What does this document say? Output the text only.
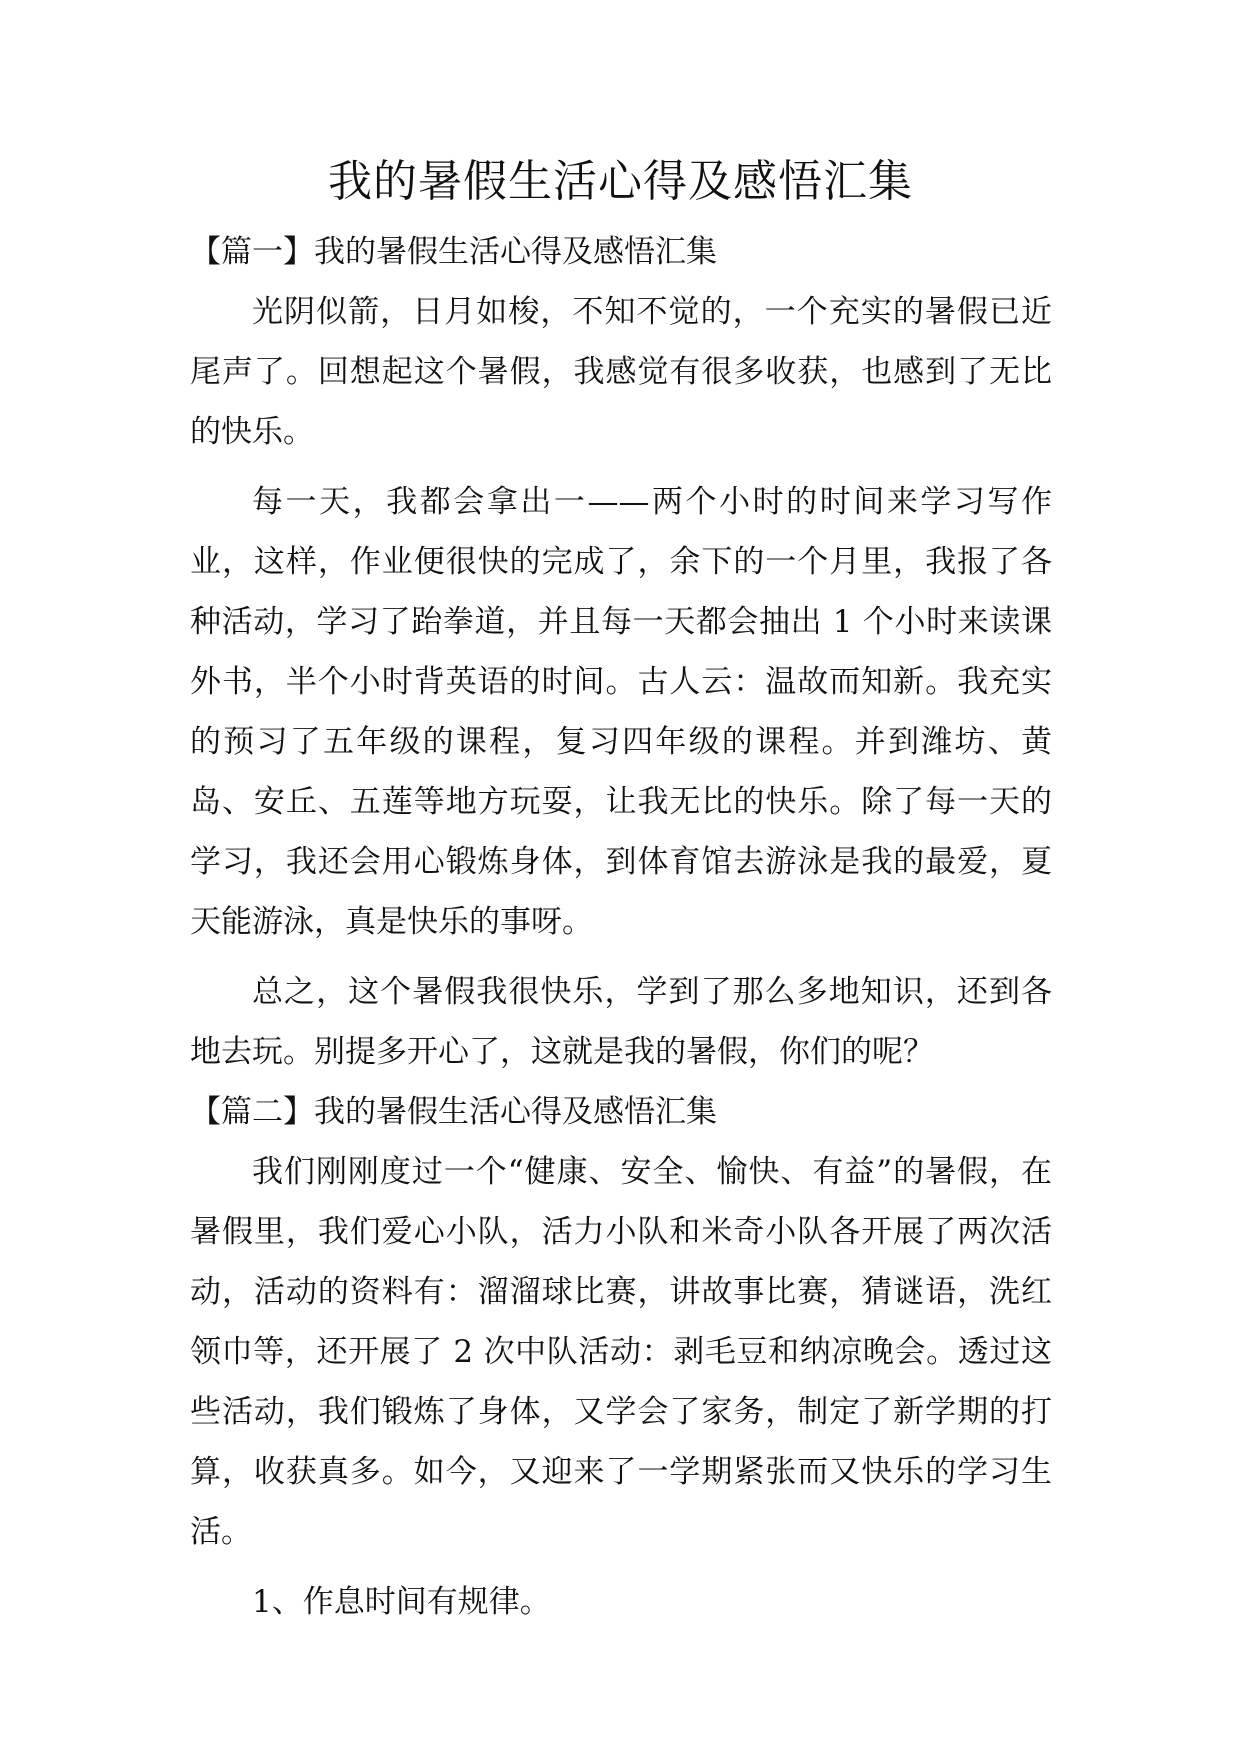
我的暑假生活心得及感悟汇集

【篇一】我的暑假生活心得及感悟汇集

光阴似箭，日月如梭，不知不觉的，一个充实的暑假已近尾声了。回想起这个暑假，我感觉有很多收获，也感到了无比的快乐。

每一天，我都会拿出一——两个小时的时间来学习写作业，这样，作业便很快的完成了，余下的一个月里，我报了各种活动，学习了跆拳道，并且每一天都会抽出 1 个小时来读课外书，半个小时背英语的时间。古人云：温故而知新。我充实的预习了五年级的课程，复习四年级的课程。并到潍坊、黄岛、安丘、五莲等地方玩耍，让我无比的快乐。除了每一天的学习，我还会用心锻炼身体，到体育馆去游泳是我的最爱，夏天能游泳，真是快乐的事呀。

总之，这个暑假我很快乐，学到了那么多地知识，还到各地去玩。别提多开心了，这就是我的暑假，你们的呢？

【篇二】我的暑假生活心得及感悟汇集

我们刚刚度过一个“健康、安全、愉快、有益”的暑假，在暑假里，我们爱心小队，活力小队和米奇小队各开展了两次活动，活动的资料有：溜溜球比赛，讲故事比赛，猜谜语，洗红领巾等，还开展了 2 次中队活动：剥毛豆和纳凉晚会。透过这些活动，我们锻炼了身体，又学会了家务，制定了新学期的打算，收获真多。如今，又迎来了一学期紧张而又快乐的学习生活。

1、作息时间有规律。
